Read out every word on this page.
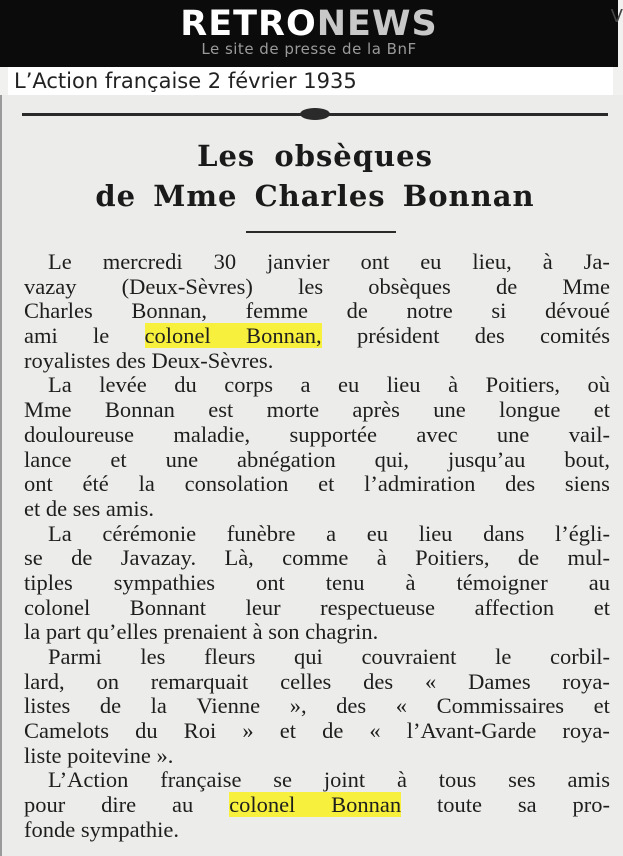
RETRONEWS
Le site de presse de la BnF
V
L’Action française 2 février 1935
Les obsèques
de Mme Charles Bonnan
Le mercredi 30 janvier ont eu lieu, à Ja-
vazay (Deux-Sèvres) les obsèques de Mme
Charles Bonnan, femme de notre si dévoué
ami le colonel Bonnan, président des comités
royalistes des Deux-Sèvres.
La levée du corps a eu lieu à Poitiers, où
Mme Bonnan est morte après une longue et
douloureuse maladie, supportée avec une vail-
lance et une abnégation qui, jusqu’au bout,
ont été la consolation et l’admiration des siens
et de ses amis.
La cérémonie funèbre a eu lieu dans l’égli-
se de Javazay. Là, comme à Poitiers, de mul-
tiples sympathies ont tenu à témoigner au
colonel Bonnant leur respectueuse affection et
la part qu’elles prenaient à son chagrin.
Parmi les fleurs qui couvraient le corbil-
lard, on remarquait celles des « Dames roya-
listes de la Vienne », des « Commissaires et
Camelots du Roi » et de « l’Avant-Garde roya-
liste poitevine ».
L’Action française se joint à tous ses amis
pour dire au colonel Bonnan toute sa pro-
fonde sympathie.
